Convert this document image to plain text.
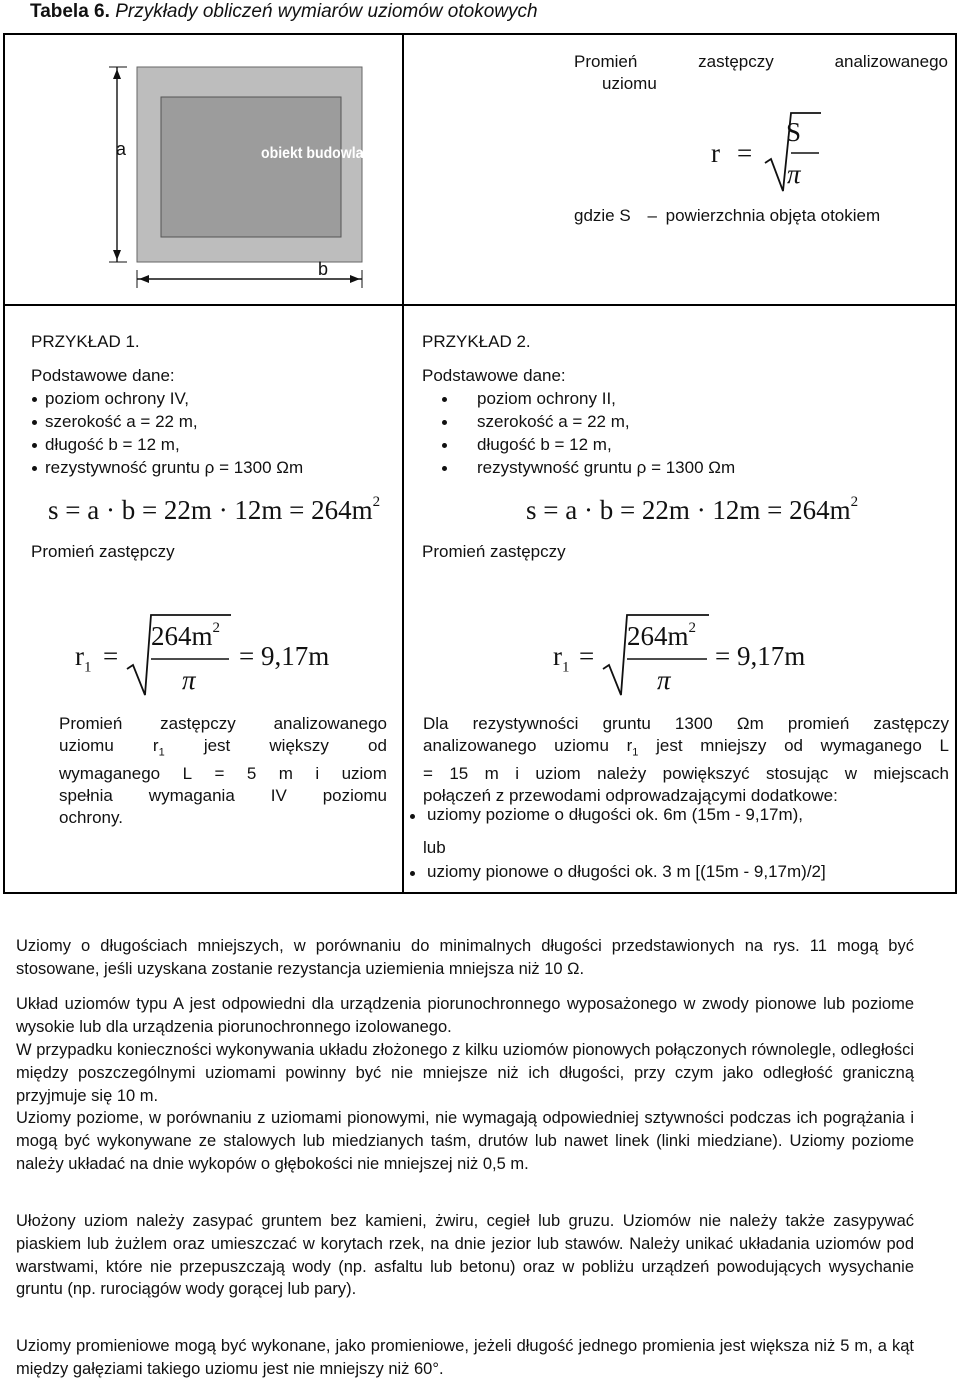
Tabela 6. Przykłady obliczeń wymiarów uziomów otokowych
uziom otokowy
obiekt budowlany
a
b
Promień	zastępczy	analizowanego
uziomu
r =
S
π
gdzie S – powierzchnia objęta otokiem
PRZYKŁAD 1.
Podstawowe dane:
poziom ochrony IV,
szerokość a = 22 m,
długość b = 12 m,
rezystywność gruntu ρ = 1300 Ωm
$s = a \cdot b = 22m \cdot 12m = 264m^2$
Promień zastępczy
$r_1$ =
$264m^2$
π
= 9,17m
Promień zastępczy analizowanego
uziomu $r_1$ jest większy od
wymaganego L = 5 m i uziom
spełnia wymagania IV poziomu
ochrony.
PRZYKŁAD 2.
Podstawowe dane:
poziom ochrony II,
szerokość a = 22 m,
długość b = 12 m,
rezystywność gruntu ρ = 1300 Ωm
$s = a \cdot b = 22m \cdot 12m = 264m^2$
Promień zastępczy
$r_1$ =
$264m^2$
π
= 9,17m
Dla rezystywności gruntu 1300 Ωm promień zastępczy
analizowanego uziomu $r_1$ jest mniejszy od wymaganego L
= 15 m i uziom należy powiększyć stosując w miejscach
połączeń z przewodami odprowadzającymi dodatkowe:
uziomy poziome o długości ok. 6m (15m - 9,17m),
lub
uziomy pionowe o długości ok. 3 m [(15m - 9,17m)/2]
Uziomy o długościach mniejszych, w porównaniu do minimalnych długości przedstawionych na rys. 11 mogą być stosowane, jeśli uzyskana zostanie rezystancja uziemienia mniejsza niż 10 Ω.
Układ uziomów typu A jest odpowiedni dla urządzenia piorunochronnego wyposażonego w zwody pionowe lub poziome wysokie lub dla urządzenia piorunochronnego izolowanego.
W przypadku konieczności wykonywania układu złożonego z kilku uziomów pionowych połączonych równolegle, odległości między poszczególnymi uziomami powinny być nie mniejsze niż ich długości, przy czym jako odległość graniczną przyjmuje się 10 m.
Uziomy poziome, w porównaniu z uziomami pionowymi, nie wymagają odpowiedniej sztywności podczas ich pogrążania i mogą być wykonywane ze stalowych lub miedzianych taśm, drutów lub nawet linek (linki miedziane). Uziomy poziome należy układać na dnie wykopów o głębokości nie mniejszej niż 0,5 m.
Ułożony uziom należy zasypać gruntem bez kamieni, żwiru, cegieł lub gruzu. Uziomów nie należy także zasypywać piaskiem lub żużlem oraz umieszczać w korytach rzek, na dnie jezior lub stawów. Należy unikać układania uziomów pod warstwami, które nie przepuszczają wody (np. asfaltu lub betonu) oraz w pobliżu urządzeń powodujących wysychanie gruntu (np. rurociągów wody gorącej lub pary).
Uziomy promieniowe mogą być wykonane, jako promieniowe, jeżeli długość jednego promienia jest większa niż 5 m, a kąt między gałęziami takiego uziomu jest nie mniejszy niż 60°.
